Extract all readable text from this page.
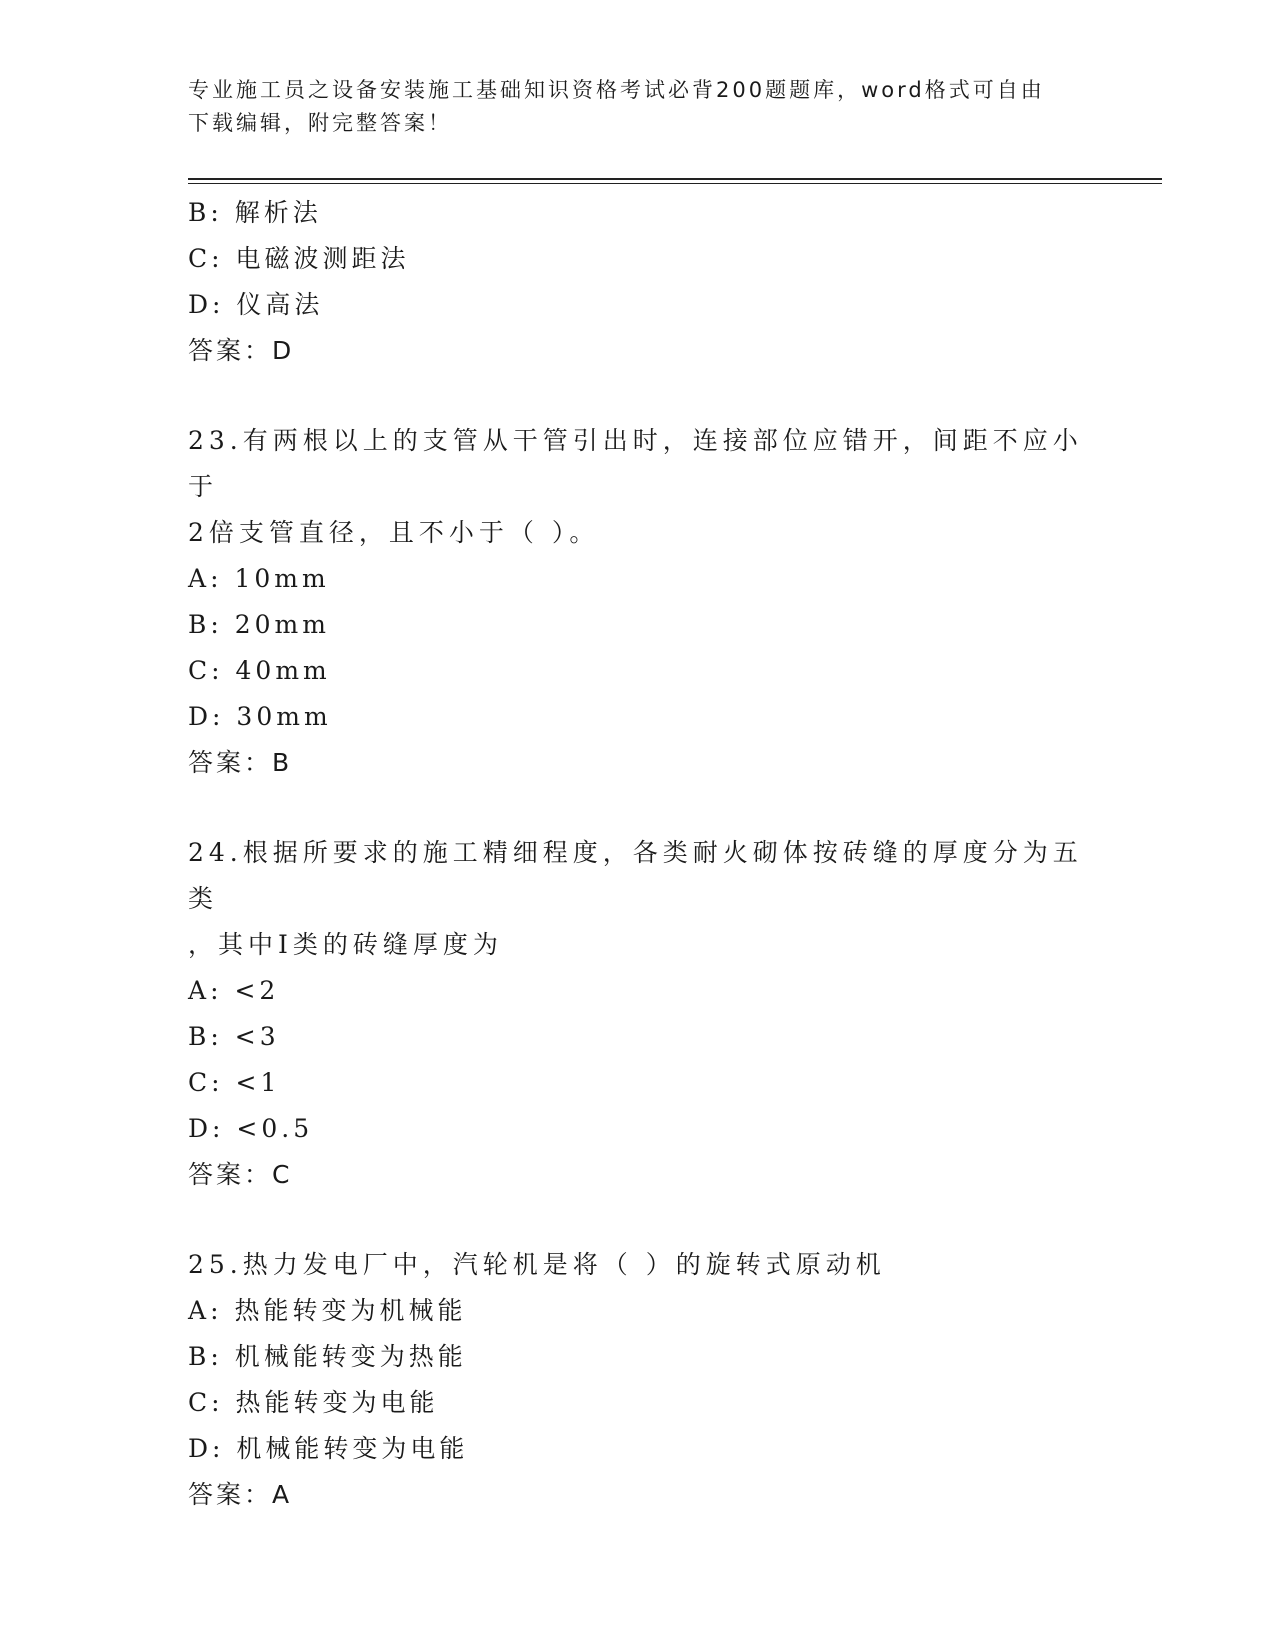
专业施工员之设备安装施工基础知识资格考试必背200题题库，word格式可自由
下载编辑，附完整答案！
B: 解析法
C: 电磁波测距法
D: 仪高法
答案：D
23.有两根以上的支管从干管引出时，连接部位应错开，间距不应小于
2倍支管直径，且不小于（ ）。
A: 10mm
B: 20mm
C: 40mm
D: 30mm
答案：B
24.根据所要求的施工精细程度，各类耐火砌体按砖缝的厚度分为五类
，其中Ⅰ类的砖缝厚度为
A: <2
B: <3
C: <1
D: <0.5
答案：C
25.热力发电厂中，汽轮机是将（ ）的旋转式原动机
A: 热能转变为机械能
B: 机械能转变为热能
C: 热能转变为电能
D: 机械能转变为电能
答案：A
